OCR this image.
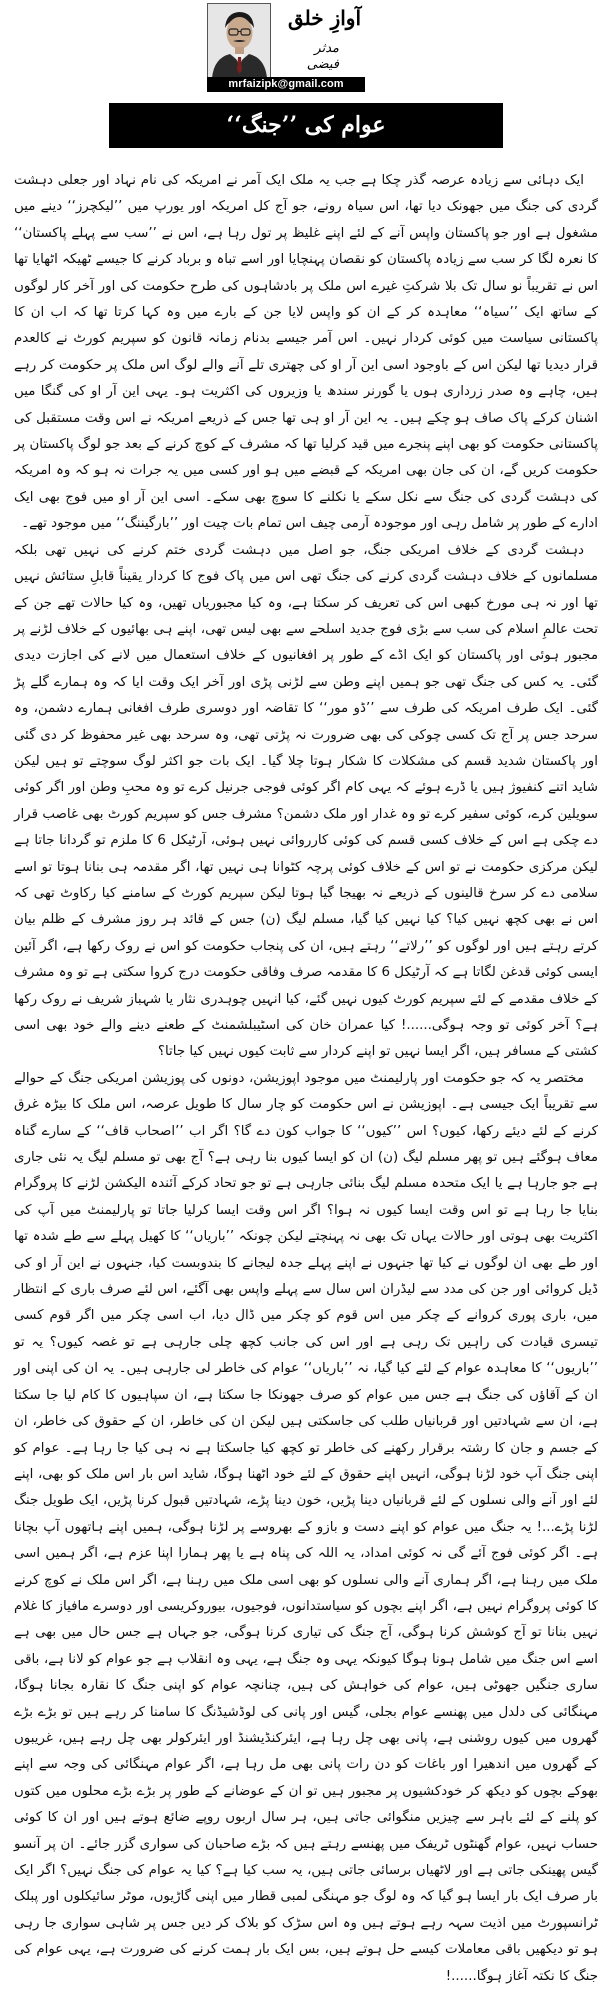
آوازِ خلق
مدثر فیضی
mrfaizipk@gmail.com
عوام کی ’’جنگ‘‘

ایک دہائی سے زیادہ عرصہ گذر چکا ہے جب یہ ملک ایک آمر نے امریکہ کی نام نہاد اور جعلی دہشت گردی کی جنگ میں جھونک دیا تھا، اس سیاہ رونے، جو آج کل امریکہ اور یورپ میں ’’لیکچرز‘‘ دینے میں مشغول ہے اور جو پاکستان واپس آنے کے لئے اپنے غلیظ پر تول رہا ہے، اس نے ’’سب سے پہلے پاکستان‘‘ کا نعرہ لگا کر سب سے زیادہ پاکستان کو نقصان پہنچایا اور اسے تباہ و برباد کرنے کا جیسے ٹھیکہ اٹھایا تھا اس نے تقریباً نو سال تک بلا شرکتِ غیرے اس ملک پر بادشاہوں کی طرح حکومت کی اور آخر کار لوگوں کے ساتھ ایک ’’سیاہ‘‘ معاہدہ کر کے ان کو واپس لایا جن کے بارے میں وہ کہا کرتا تھا کہ اب ان کا پاکستانی سیاست میں کوئی کردار نہیں۔ اس آمر جیسے بدنام زمانہ قانون کو سپریم کورٹ نے کالعدم قرار دیدیا تھا لیکن اس کے باوجود اسی این آر او کی چھتری تلے آنے والے لوگ اس ملک پر حکومت کر رہے ہیں، چاہے وہ صدر زرداری ہوں یا گورنر سندھ یا وزیروں کی اکثریت ہو۔ یہی این آر او کی گنگا میں اشنان کرکے پاک صاف ہو چکے ہیں۔ یہ این آر او ہی تھا جس کے ذریعے امریکہ نے اس وقت مستقبل کی پاکستانی حکومت کو بھی اپنے پنجرے میں قید کرلیا تھا کہ مشرف کے کوچ کرنے کے بعد جو لوگ پاکستان پر حکومت کریں گے، ان کی جان بھی امریکہ کے قبضے میں ہو اور کسی میں یہ جرات نہ ہو کہ وہ امریکہ کی دہشت گردی کی جنگ سے نکل سکے یا نکلنے کا سوچ بھی سکے۔ اسی این آر او میں فوج بھی ایک ادارے کے طور پر شامل رہی اور موجودہ آرمی چیف اس تمام بات چیت اور ’’بارگیننگ‘‘ میں موجود تھے۔

دہشت گردی کے خلاف امریکی جنگ، جو اصل میں دہشت گردی ختم کرنے کی نہیں تھی بلکہ مسلمانوں کے خلاف دہشت گردی کرنے کی جنگ تھی اس میں پاک فوج کا کردار یقیناً قابلِ ستائش نہیں تھا اور نہ ہی مورخ کبھی اس کی تعریف کر سکتا ہے، وہ کیا مجبوریاں تھیں، وہ کیا حالات تھے جن کے تحت عالمِ اسلام کی سب سے بڑی فوج جدید اسلحے سے بھی لیس تھی، اپنے ہی بھائیوں کے خلاف لڑنے پر مجبور ہوئی اور پاکستان کو ایک اڈے کے طور پر افغانیوں کے خلاف استعمال میں لانے کی اجازت دیدی گئی۔ یہ کس کی جنگ تھی جو ہمیں اپنے وطن سے لڑنی پڑی اور آخر ایک وقت ایا کہ وہ ہمارے گلے پڑ گئی۔ ایک طرف امریکہ کی طرف سے ’’ڈو مور‘‘ کا تقاضہ اور دوسری طرف افغانی ہمارے دشمن، وہ سرحد جس پر آج تک کسی چوکی کی بھی ضرورت نہ پڑتی تھی، وہ سرحد بھی غیر محفوظ کر دی گئی اور پاکستان شدید قسم کی مشکلات کا شکار ہوتا چلا گیا۔ ایک بات جو اکثر لوگ سوچتے تو ہیں لیکن شاید اتنے کنفیوژ ہیں یا ڈرے ہوئے کہ یہی کام اگر کوئی فوجی جرنیل کرے تو وہ محبِ وطن اور اگر کوئی سویلین کرے، کوئی سفیر کرے تو وہ غدار اور ملک دشمن؟ مشرف جس کو سپریم کورٹ بھی غاصب قرار دے چکی ہے اس کے خلاف کسی قسم کی کوئی کارروائی نہیں ہوئی، آرٹیکل 6 کا ملزم تو گردانا جاتا ہے لیکن مرکزی حکومت نے تو اس کے خلاف کوئی پرچہ کٹوانا ہی نہیں تھا، اگر مقدمہ ہی بنانا ہوتا تو اسے سلامی دے کر سرخ قالینوں کے ذریعے نہ بھیجا گیا ہوتا لیکن سپریم کورٹ کے سامنے کیا رکاوٹ تھی کہ اس نے بھی کچھ نہیں کیا؟ کیا نہیں کیا گیا، مسلم لیگ (ن) جس کے قائد ہر روز مشرف کے ظلم بیان کرتے رہتے ہیں اور لوگوں کو ’’رلاتے‘‘ رہتے ہیں، ان کی پنجاب حکومت کو اس نے روک رکھا ہے، اگر آئین ایسی کوئی قدغن لگاتا ہے کہ آرٹیکل 6 کا مقدمہ صرف وفاقی حکومت درج کروا سکتی ہے تو وہ مشرف کے خلاف مقدمے کے لئے سپریم کورٹ کیوں نہیں گئے، کیا انہیں چوہدری نثار یا شہباز شریف نے روک رکھا ہے؟ آخر کوئی تو وجہ ہوگی......! کیا عمران خان کی اسٹیبلشمنٹ کے طعنے دینے والے خود بھی اسی کشتی کے مسافر ہیں، اگر ایسا نہیں تو اپنے کردار سے ثابت کیوں نہیں کیا جاتا؟

مختصر یہ کہ جو حکومت اور پارلیمنٹ میں موجود اپوزیشن، دونوں کی پوزیشن امریکی جنگ کے حوالے سے تقریباً ایک جیسی ہے۔ اپوزیشن نے اس حکومت کو چار سال کا طویل عرصہ، اس ملک کا بیڑہ غرق کرنے کے لئے دیئے رکھا، کیوں؟ اس ’’کیوں‘‘ کا جواب کون دے گا؟ اگر اب ’’اصحاب قاف‘‘ کے سارے گناہ معاف ہوگئے ہیں تو پھر مسلم لیگ (ن) ان کو ایسا کیوں بنا رہی ہے؟ آج بھی تو مسلم لیگ یہ نئی جاری ہے جو جارہا ہے یا ایک متحدہ مسلم لیگ بنائی جارہی ہے تو جو تحاد کرکے آئندہ الیکشن لڑنے کا پروگرام بنایا جا رہا ہے تو اس وقت ایسا کیوں نہ ہوا؟ اگر اس وقت ایسا کرلیا جاتا تو پارلیمنٹ میں آپ کی اکثریت بھی ہوتی اور حالات یہاں تک بھی نہ پہنچتے لیکن چونکہ ’’باریاں‘‘ کا کھیل پہلے سے طے شدہ تھا اور طے بھی ان لوگوں نے کیا تھا جنہوں نے اپنے پہلے جدہ لیجانے کا بندوبست کیا، جنہوں نے این آر او کی ڈیل کروائی اور جن کی مدد سے لیڈران اس سال سے پہلے واپس بھی آگئے، اس لئے صرف باری کے انتظار میں، باری پوری کروانے کے چکر میں اس قوم کو چکر میں ڈال دیا، اب اسی چکر میں اگر قوم کسی تیسری قیادت کی راہیں تک رہی ہے اور اس کی جانب کچھ چلی جارہی ہے تو غصہ کیوں؟ یہ تو ’’باریوں‘‘ کا معاہدہ عوام کے لئے کیا گیا، نہ ’’باریاں‘‘ عوام کی خاطر لی جارہی ہیں۔ یہ ان کی اپنی اور ان کے آقاؤں کی جنگ ہے جس میں عوام کو صرف جھونکا جا سکتا ہے، ان سپاہیوں کا کام لیا جا سکتا ہے، ان سے شہادتیں اور قربانیاں طلب کی جاسکتی ہیں لیکن ان کی خاطر، ان کے حقوق کی خاطر، ان کے جسم و جان کا رشتہ برقرار رکھنے کی خاطر تو کچھ کیا جاسکتا ہے نہ ہی کیا جا رہا ہے۔ عوام کو اپنی جنگ آپ خود لڑنا ہوگی، انہیں اپنے حقوق کے لئے خود اٹھنا ہوگا، شاید اس بار اس ملک کو بھی، اپنے لئے اور آنے والی نسلوں کے لئے قربانیاں دینا پڑیں، خون دینا پڑے، شہادتیں قبول کرنا پڑیں، ایک طویل جنگ لڑنا پڑے...! یہ جنگ میں عوام کو اپنے دست و بازو کے بھروسے پر لڑنا ہوگی، ہمیں اپنے ہاتھوں آپ بچانا ہے۔ اگر کوئی فوج آئے گی نہ کوئی امداد، یہ اللہ کی پناہ ہے یا پھر ہمارا اپنا عزم ہے، اگر ہمیں اسی ملک میں رہنا ہے، اگر ہماری آنے والی نسلوں کو بھی اسی ملک میں رہنا ہے، اگر اس ملک نے کوچ کرنے کا کوئی پروگرام نہیں ہے، اگر اپنے بچوں کو سیاستدانوں، فوجیوں، بیوروکریسی اور دوسرے مافیاز کا غلام نہیں بنانا تو آج کوشش کرنا ہوگی، آج جنگ کی تیاری کرنا ہوگی، جو جہاں ہے جس حال میں بھی ہے اسے اس جنگ میں شامل ہونا ہوگا کیونکہ یہی وہ جنگ ہے، یہی وہ انقلاب ہے جو عوام کو لانا ہے، باقی ساری جنگیں جھوٹی ہیں، عوام کی خواہش کی ہیں، چنانچہ عوام کو اپنی جنگ کا نقارہ بجانا ہوگا، مہنگائی کی دلدل میں پھنسے عوام بجلی، گیس اور پانی کی لوڈشیڈنگ کا سامنا کر رہے ہیں تو بڑے بڑے گھروں میں کیوں روشنی ہے، پانی بھی چل رہا ہے، ایئرکنڈیشنڈ اور ایئرکولر بھی چل رہے ہیں، غریبوں کے گھروں میں اندھیرا اور باغات کو دن رات پانی بھی مل رہا ہے، اگر عوام مہنگائی کی وجہ سے اپنے بھوکے بچوں کو دیکھ کر خودکشیوں پر مجبور ہیں تو ان کے عوضانے کے طور پر بڑے بڑے محلوں میں کتوں کو پلنے کے لئے باہر سے چیزیں منگوائی جاتی ہیں، ہر سال اربوں روپے ضائع ہوتے ہیں اور ان کا کوئی حساب نہیں، عوام گھنٹوں ٹریفک میں پھنسے رہتے ہیں کہ بڑے صاحبان کی سواری گزر جائے۔ ان پر آنسو گیس پھینکی جاتی ہے اور لاٹھیاں برسائی جاتی ہیں، یہ سب کیا ہے؟ کیا یہ عوام کی جنگ نہیں؟ اگر ایک بار صرف ایک بار ایسا ہو گیا کہ وہ لوگ جو مہنگی لمبی قطار میں اپنی گاڑیوں، موٹر سائیکلوں اور پبلک ٹرانسپورٹ میں اذیت سہہ رہے ہوتے ہیں وہ اس سڑک کو بلاک کر دیں جس پر شاہی سواری جا رہی ہو تو دیکھیں باقی معاملات کیسے حل ہوتے ہیں، بس ایک بار ہمت کرنے کی ضرورت ہے، یہی عوام کی جنگ کا نکتہ آغاز ہوگا......!
